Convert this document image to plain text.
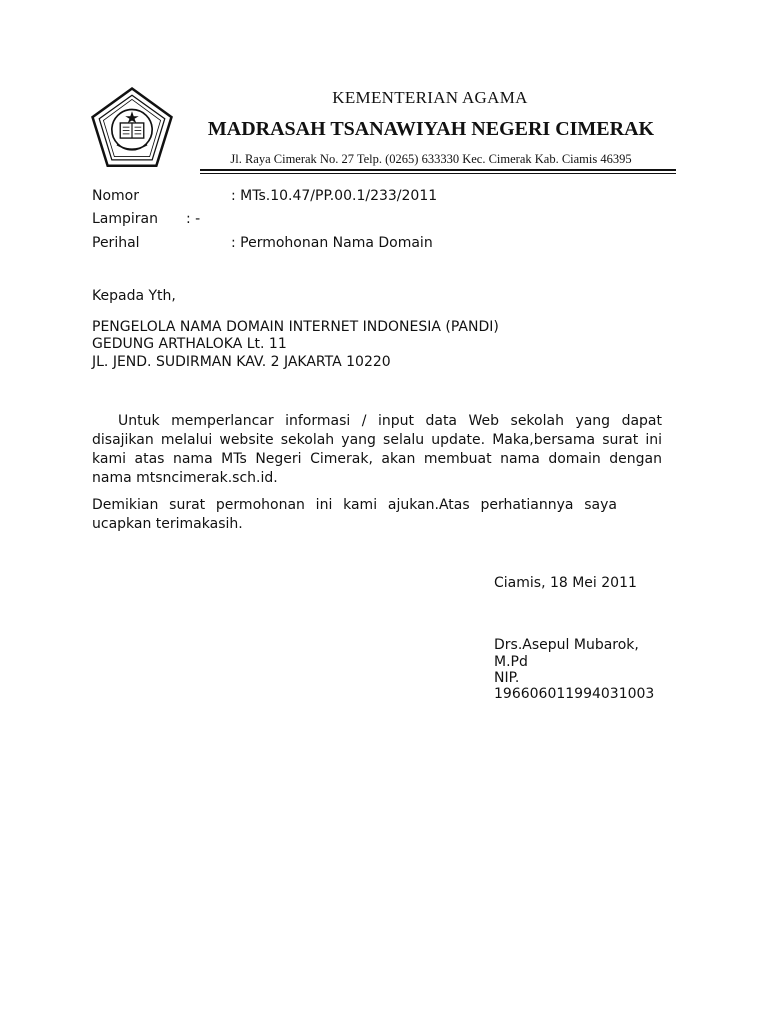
KEMENTERIAN AGAMA
MADRASAH TSANAWIYAH NEGERI CIMERAK
Jl. Raya Cimerak No. 27 Telp. (0265) 633330 Kec. Cimerak Kab. Ciamis 46395
Nomor	: MTs.10.47/PP.00.1/233/2011
Lampiran : -
Perihal	: Permohonan Nama Domain
Kepada Yth,
PENGELOLA NAMA DOMAIN INTERNET INDONESIA (PANDI)
GEDUNG ARTHALOKA Lt. 11
JL. JEND. SUDIRMAN KAV. 2 JAKARTA 10220
Untuk memperlancar informasi / input data Web sekolah yang dapat disajikan melalui website sekolah yang selalu update. Maka,bersama surat ini kami atas nama MTs Negeri Cimerak, akan membuat nama domain dengan nama mtsncimerak.sch.id.
Demikian surat permohonan ini kami ajukan.Atas perhatiannya saya ucapkan terimakasih.
Ciamis, 18 Mei 2011
Drs.Asepul Mubarok,
M.Pd
NIP.
196606011994031003
